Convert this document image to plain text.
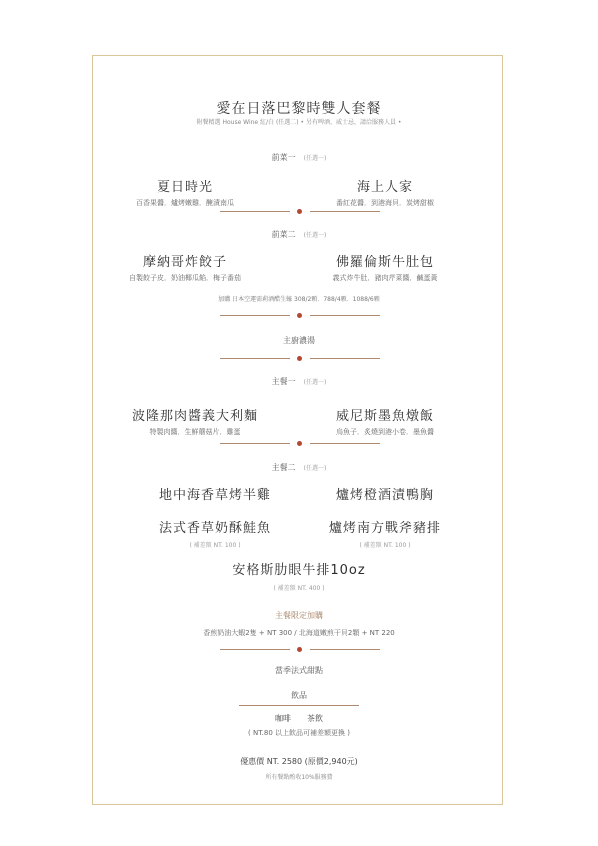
愛在日落巴黎時雙人套餐
附餐精選 House Wine 紅/白 (任選二) • 另有啤酒、威士忌，請洽服務人員 •
前菜一 (任選一)
夏日時光
百香果醬．爐烤嫩雞．醃漬南瓜
海上人家
番紅花醬．到港海貝．炭烤甜椒
前菜二 (任選一)
摩納哥炸餃子
自製餃子皮．奶油椰瓜餡．梅子番茄
佛羅倫斯牛肚包
義式炸牛肚．豬肉芹菜醬．鹹蛋黃
加購 日本空運需莉酒醋生蠔 308/2顆．788/4顆．1088/6顆
主廚濃湯
主餐一 (任選一)
波隆那肉醬義大利麵
特製肉醬．生鮮蘑菇片．雞蛋
威尼斯墨魚燉飯
烏魚子．炙燒到港小卷．墨魚醬
主餐二 (任選一)
地中海香草烤半雞	爐烤橙酒漬鴨胸
法式香草奶酥鮭魚
( 補差額 NT. 100 )
爐烤南方戰斧豬排
( 補差額 NT. 100 )
安格斯肋眼牛排10oz
( 補差額 NT. 400 )
主餐限定加購
香煎奶油大蝦2隻 + NT 300 / 北海道嫩煎干貝2顆 + NT 220
當季法式甜點
飲品
咖啡　　茶飲
( NT.80 以上飲品可補差額更換 )
優惠價 NT. 2580 (原價2,940元)
所有餐點酌收10%服務費
